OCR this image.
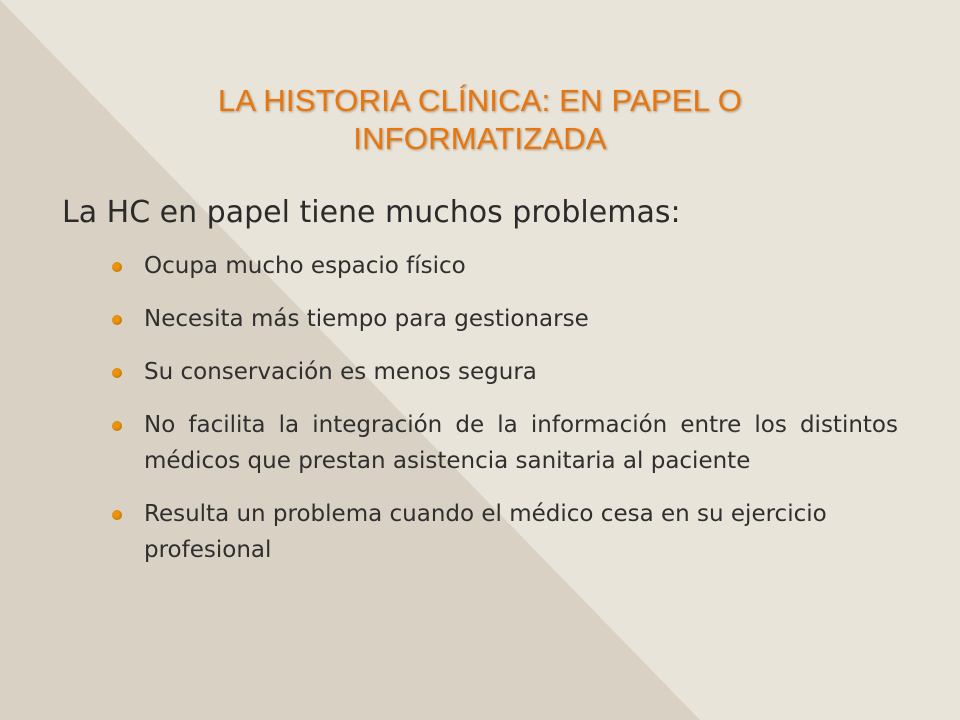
LA HISTORIA CLÍNICA: EN PAPEL O
INFORMATIZADA
La HC en papel tiene muchos problemas:
Ocupa mucho espacio físico
Necesita más tiempo para gestionarse
Su conservación es menos segura
No facilita la integración de la información entre los distintos médicos que prestan asistencia sanitaria al paciente
Resulta un problema cuando el médico cesa en su ejercicio profesional
